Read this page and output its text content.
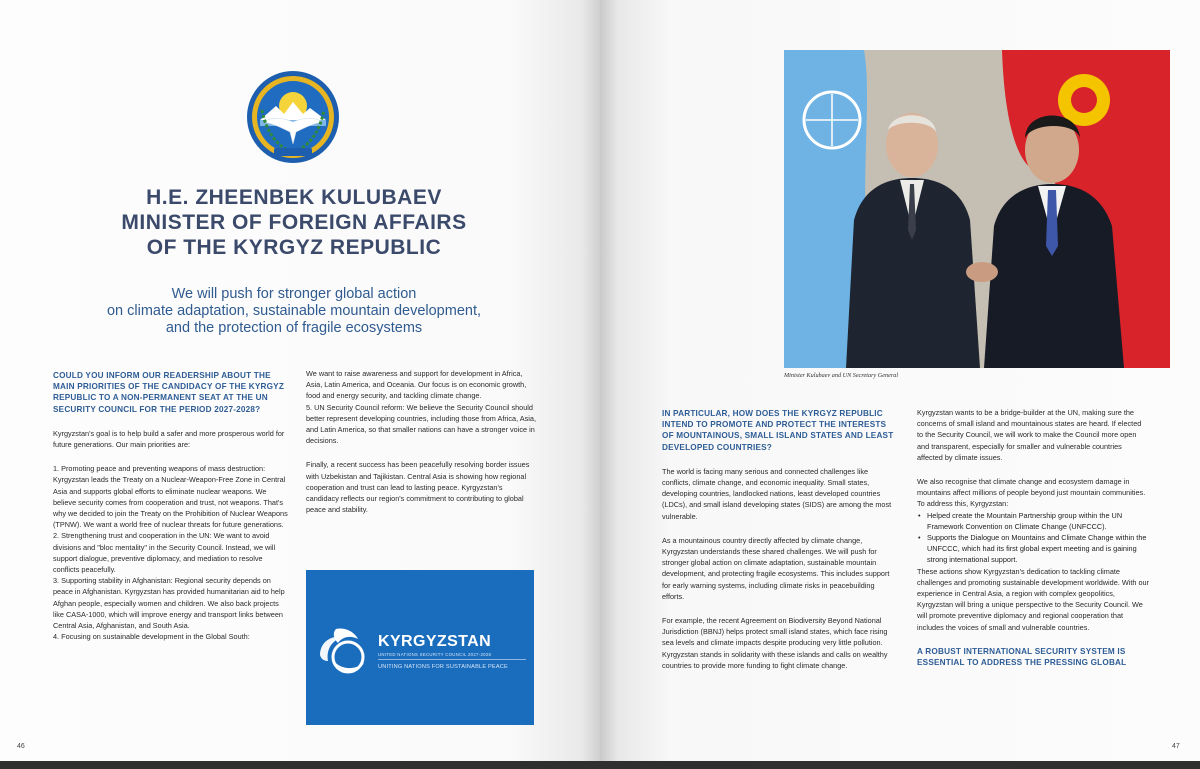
H.E. ZHEENBEK KULUBAEV
MINISTER OF FOREIGN AFFAIRS
OF THE KYRGYZ REPUBLIC
We will push for stronger global action
on climate adaptation, sustainable mountain development,
and the protection of fragile ecosystems
COULD YOU INFORM OUR READERSHIP ABOUT THE MAIN PRIORITIES OF THE CANDIDACY OF THE KYRGYZ REPUBLIC TO A NON-PERMANENT SEAT AT THE UN SECURITY COUNCIL FOR THE PERIOD 2027-2028?
Kyrgyzstan's goal is to help build a safer and more prosperous world for future generations. Our main priorities are:
1. Promoting peace and preventing weapons of mass destruction:
Kyrgyzstan leads the Treaty on a Nuclear-Weapon-Free Zone in Central Asia and supports global efforts to eliminate nuclear weapons. We believe security comes from cooperation and trust, not weapons. That's why we decided to join the Treaty on the Prohibition of Nuclear Weapons (TPNW). We want a world free of nuclear threats for future generations.
2. Strengthening trust and cooperation in the UN: We want to avoid divisions and "bloc mentality" in the Security Council. Instead, we will support dialogue, preventive diplomacy, and mediation to resolve conflicts peacefully.
3. Supporting stability in Afghanistan: Regional security depends on peace in Afghanistan. Kyrgyzstan has provided humanitarian aid to help Afghan people, especially women and children. We also back projects like CASA-1000, which will improve energy and transport links between Central Asia, Afghanistan, and South Asia.
4. Focusing on sustainable development in the Global South:
We want to raise awareness and support for development in Africa, Asia, Latin America, and Oceania. Our focus is on economic growth, food and energy security, and tackling climate change.
5. UN Security Council reform: We believe the Security Council should better represent developing countries, including those from Africa, Asia, and Latin America, so that smaller nations can have a stronger voice in decisions.
Finally, a recent success has been peacefully resolving border issues with Uzbekistan and Tajikistan. Central Asia is showing how regional cooperation and trust can lead to lasting peace. Kyrgyzstan's candidacy reflects our region's commitment to contributing to global peace and stability.
KYRGYZSTAN
UNITED NATIONS SECURITY COUNCIL 2027-2028
UNITING NATIONS FOR SUSTAINABLE PEACE
46
Minister Kulubaev and UN Secretary General
IN PARTICULAR, HOW DOES THE KYRGYZ REPUBLIC INTEND TO PROMOTE AND PROTECT THE INTERESTS OF MOUNTAINOUS, SMALL ISLAND STATES AND LEAST DEVELOPED COUNTRIES?
The world is facing many serious and connected challenges like conflicts, climate change, and economic inequality. Small states, developing countries, landlocked nations, least developed countries (LDCs), and small island developing states (SIDS) are among the most vulnerable.
As a mountainous country directly affected by climate change, Kyrgyzstan understands these shared challenges. We will push for stronger global action on climate adaptation, sustainable mountain development, and protecting fragile ecosystems. This includes support for early warning systems, including climate risks in peacebuilding efforts.
For example, the recent Agreement on Biodiversity Beyond National Jurisdiction (BBNJ) helps protect small island states, which face rising sea levels and climate impacts despite producing very little pollution. Kyrgyzstan stands in solidarity with these islands and calls on wealthy countries to provide more funding to fight climate change.
Kyrgyzstan wants to be a bridge-builder at the UN, making sure the concerns of small island and mountainous states are heard. If elected to the Security Council, we will work to make the Council more open and transparent, especially for smaller and vulnerable countries affected by climate issues.
We also recognise that climate change and ecosystem damage in mountains affect millions of people beyond just mountain communities. To address this, Kyrgyzstan:
• Helped create the Mountain Partnership group within the UN Framework Convention on Climate Change (UNFCCC).
• Supports the Dialogue on Mountains and Climate Change within the UNFCCC, which had its first global expert meeting and is gaining strong international support.
These actions show Kyrgyzstan's dedication to tackling climate challenges and promoting sustainable development worldwide. With our experience in Central Asia, a region with complex geopolitics, Kyrgyzstan will bring a unique perspective to the Security Council. We will promote preventive diplomacy and regional cooperation that includes the voices of small and vulnerable countries.
A ROBUST INTERNATIONAL SECURITY SYSTEM IS ESSENTIAL TO ADDRESS THE PRESSING GLOBAL
47
